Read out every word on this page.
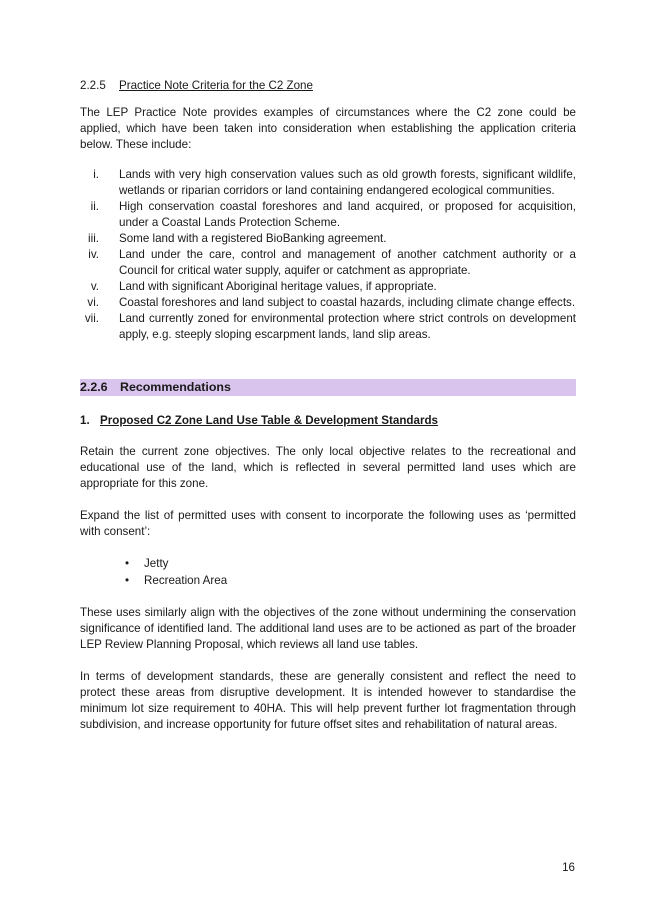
2.2.5 Practice Note Criteria for the C2 Zone

The LEP Practice Note provides examples of circumstances where the C2 zone could be applied, which have been taken into consideration when establishing the application criteria below. These include:

i. Lands with very high conservation values such as old growth forests, significant wildlife, wetlands or riparian corridors or land containing endangered ecological communities.
ii. High conservation coastal foreshores and land acquired, or proposed for acquisition, under a Coastal Lands Protection Scheme.
iii. Some land with a registered BioBanking agreement.
iv. Land under the care, control and management of another catchment authority or a Council for critical water supply, aquifer or catchment as appropriate.
v. Land with significant Aboriginal heritage values, if appropriate.
vi. Coastal foreshores and land subject to coastal hazards, including climate change effects.
vii. Land currently zoned for environmental protection where strict controls on development apply, e.g. steeply sloping escarpment lands, land slip areas.
2.2.6 Recommendations
1. Proposed C2 Zone Land Use Table & Development Standards

Retain the current zone objectives. The only local objective relates to the recreational and educational use of the land, which is reflected in several permitted land uses which are appropriate for this zone.

Expand the list of permitted uses with consent to incorporate the following uses as ‘permitted with consent’:

• Jetty
• Recreation Area

These uses similarly align with the objectives of the zone without undermining the conservation significance of identified land. The additional land uses are to be actioned as part of the broader LEP Review Planning Proposal, which reviews all land use tables.

In terms of development standards, these are generally consistent and reflect the need to protect these areas from disruptive development. It is intended however to standardise the minimum lot size requirement to 40HA. This will help prevent further lot fragmentation through subdivision, and increase opportunity for future offset sites and rehabilitation of natural areas.

16
